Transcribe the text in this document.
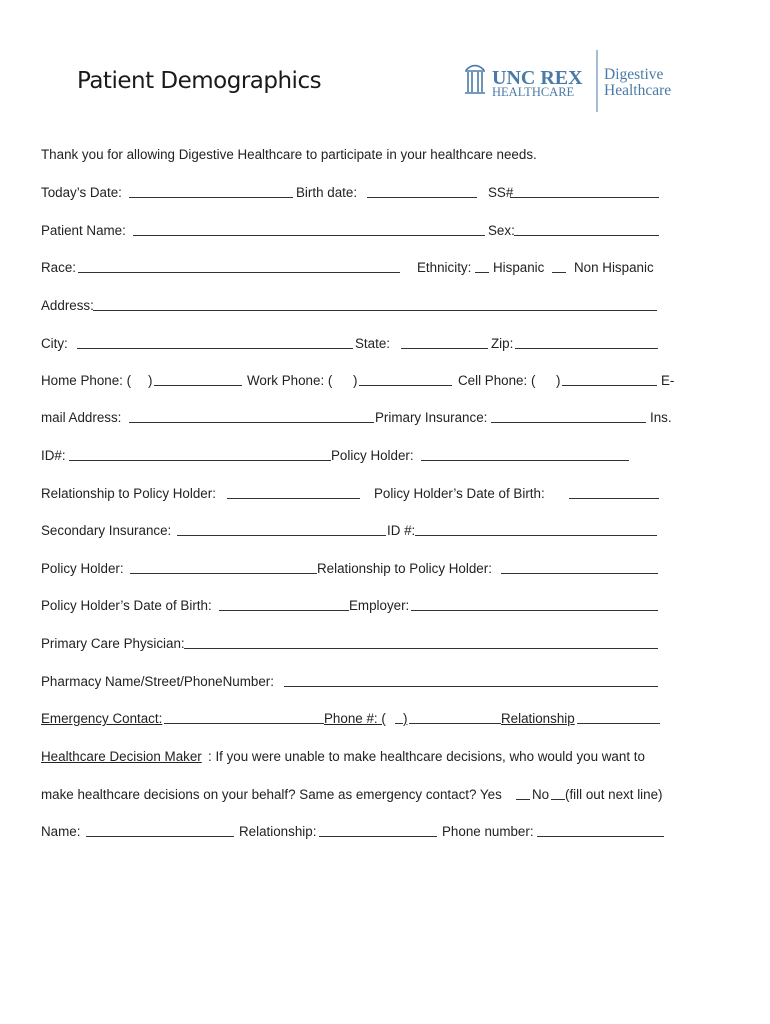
Patient Demographics	UNC REX
HEALTHCARE
Digestive
Healthcare
Thank you for allowing Digestive Healthcare to participate in your healthcare needs.
Today’s Date:	Birth date:	SS#
Patient Name:	Sex:
Race:	Ethnicity: Hispanic Non Hispanic
Address:
City:	State:	Zip:
Home Phone: ( )	Work Phone: ( )	Cell Phone: ( )	E-
mail Address:	Primary Insurance:	Ins.
ID#:	Policy Holder:
Relationship to Policy Holder:	Policy Holder’s Date of Birth:
Secondary Insurance:	ID #:
Policy Holder:	Relationship to Policy Holder:
Policy Holder’s Date of Birth:	Employer:
Primary Care Physician:
Pharmacy Name/Street/PhoneNumber:
Emergency Contact:	Phone #: ( )	Relationship
Healthcare Decision Maker : If you were unable to make healthcare decisions, who would you want to
make healthcare decisions on your behalf? Same as emergency contact? Yes No (fill out next line)
Name:	Relationship:	Phone number:
